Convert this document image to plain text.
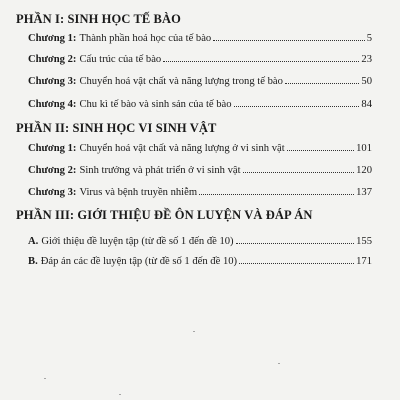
PHẦN I: SINH HỌC TẾ BÀO
Chương 1: Thành phần hoá học của tế bào	5
Chương 2: Cấu trúc của tế bào	23
Chương 3: Chuyển hoá vật chất và năng lượng trong tế bào	50
Chương 4: Chu kì tế bào và sinh sản của tế bào	84
PHẦN II: SINH HỌC VI SINH VẬT
Chương 1: Chuyển hoá vật chất và năng lượng ở vi sinh vật	101
Chương 2: Sinh trưởng và phát triển ở vi sinh vật	120
Chương 3: Virus và bệnh truyền nhiễm	137
PHẦN III: GIỚI THIỆU ĐỀ ÔN LUYỆN VÀ ĐÁP ÁN
A. Giới thiệu đề luyện tập (từ đề số 1 đến đề 10)	155
B. Đáp án các đề luyện tập (từ đề số 1 đến đề 10)	171
